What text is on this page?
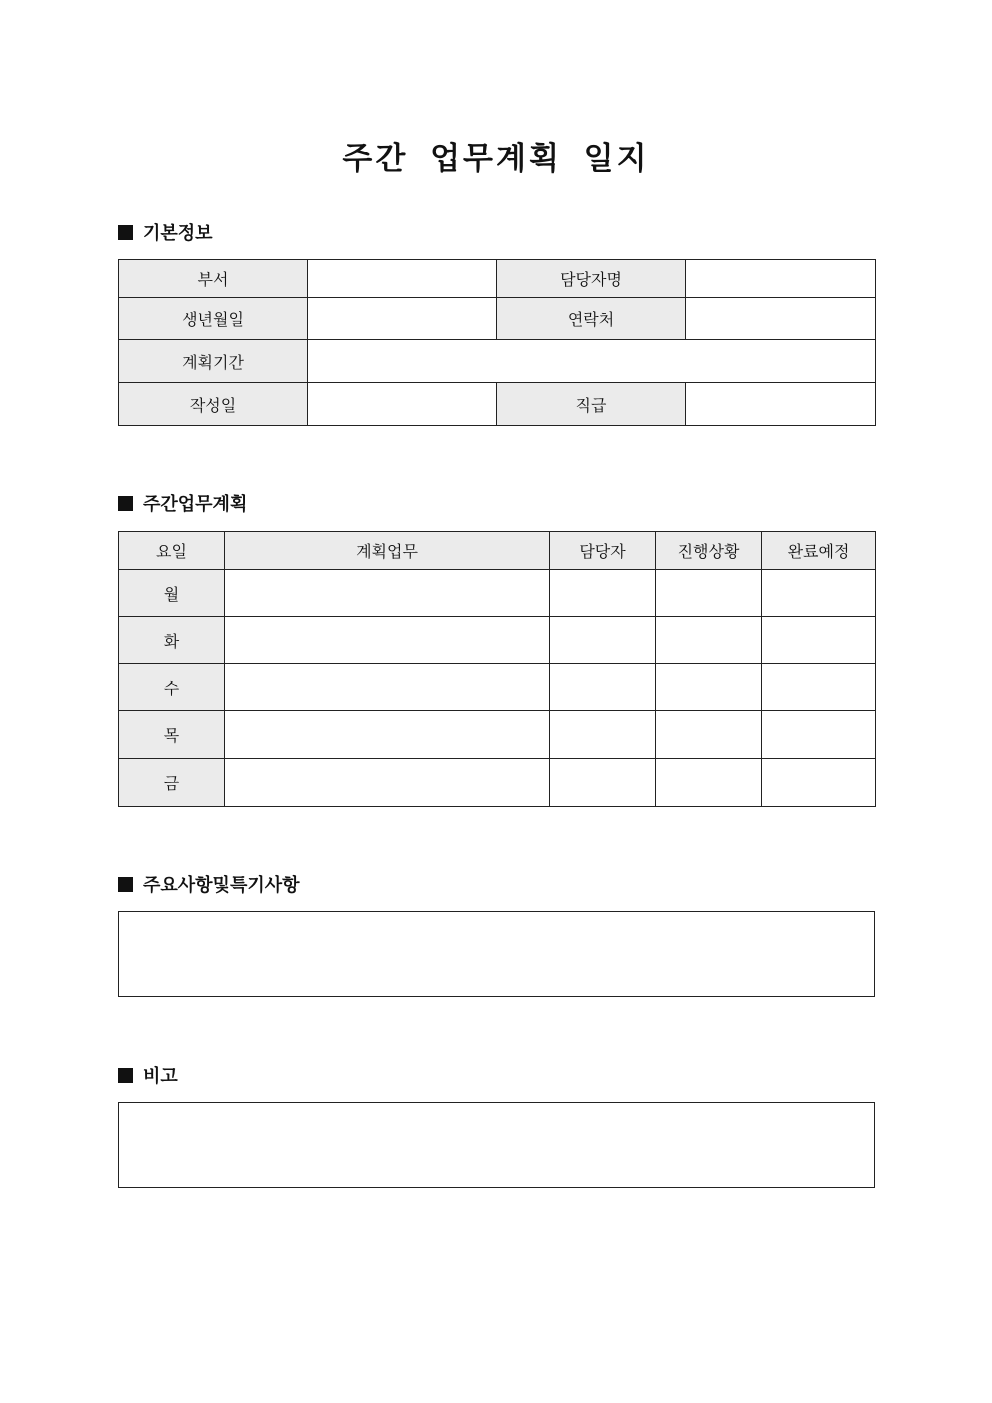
주간 업무계획 일지
기본정보
부서		담당자명	
생년월일		연락처	
계획기간			
작성일		직급	
주간업무계획
요일	계획업무	담당자	진행상황	완료예정
월				
화				
수				
목				
금				
주요사항및특기사항
비고
